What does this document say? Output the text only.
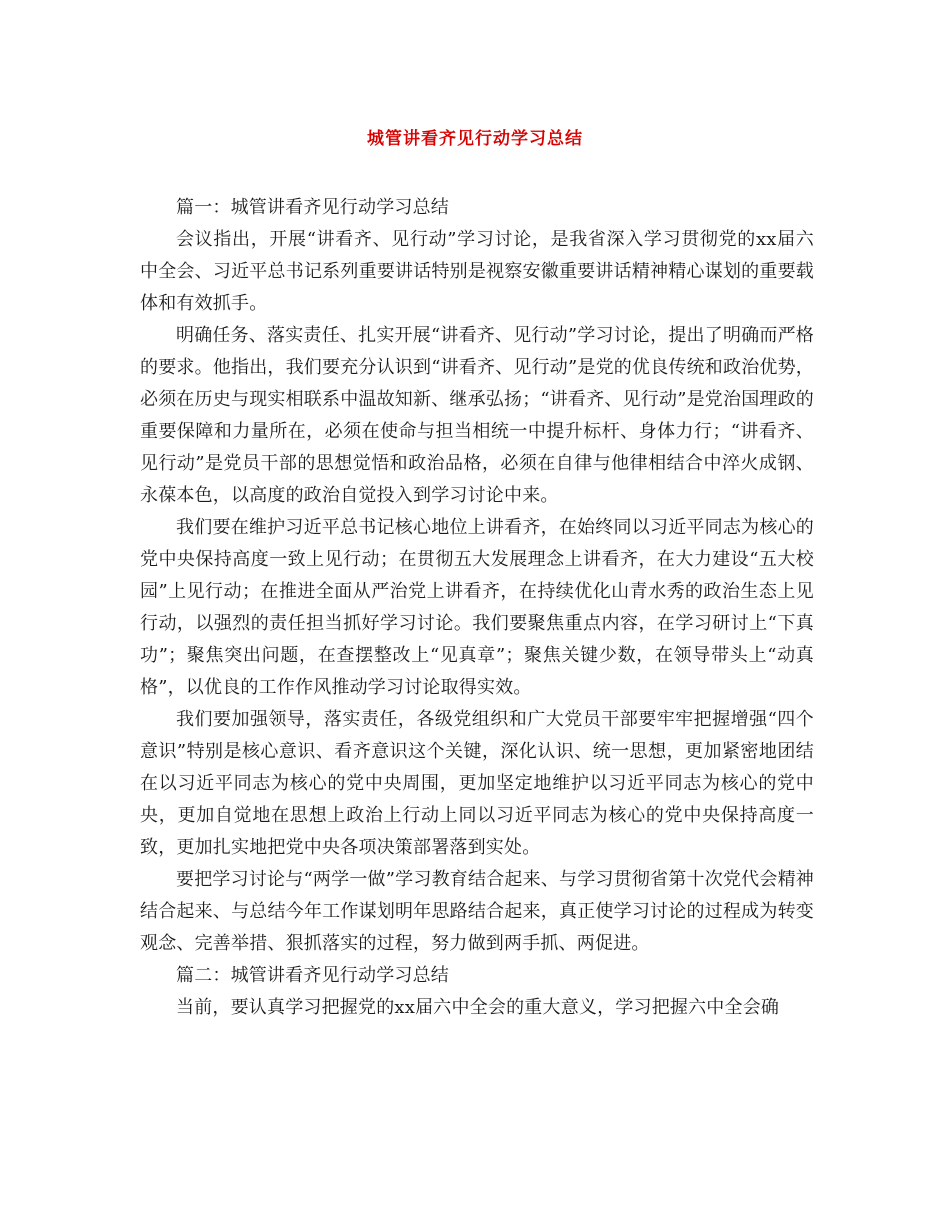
城管讲看齐见行动学习总结

篇一：城管讲看齐见行动学习总结

会议指出，开展“讲看齐、见行动”学习讨论，是我省深入学习贯彻党的xx届六中全会、习近平总书记系列重要讲话特别是视察安徽重要讲话精神精心谋划的重要载体和有效抓手。

明确任务、落实责任、扎实开展“讲看齐、见行动”学习讨论，提出了明确而严格的要求。他指出，我们要充分认识到“讲看齐、见行动”是党的优良传统和政治优势，必须在历史与现实相联系中温故知新、继承弘扬；“讲看齐、见行动”是党治国理政的重要保障和力量所在，必须在使命与担当相统一中提升标杆、身体力行；“讲看齐、见行动”是党员干部的思想觉悟和政治品格，必须在自律与他律相结合中淬火成钢、永葆本色，以高度的政治自觉投入到学习讨论中来。

我们要在维护习近平总书记核心地位上讲看齐，在始终同以习近平同志为核心的党中央保持高度一致上见行动；在贯彻五大发展理念上讲看齐，在大力建设“五大校园”上见行动；在推进全面从严治党上讲看齐，在持续优化山青水秀的政治生态上见行动，以强烈的责任担当抓好学习讨论。我们要聚焦重点内容，在学习研讨上“下真功”；聚焦突出问题，在查摆整改上“见真章”；聚焦关键少数，在领导带头上“动真格”，以优良的工作作风推动学习讨论取得实效。

我们要加强领导，落实责任，各级党组织和广大党员干部要牢牢把握增强“四个意识”特别是核心意识、看齐意识这个关键，深化认识、统一思想，更加紧密地团结在以习近平同志为核心的党中央周围，更加坚定地维护以习近平同志为核心的党中央，更加自觉地在思想上政治上行动上同以习近平同志为核心的党中央保持高度一致，更加扎实地把党中央各项决策部署落到实处。

要把学习讨论与“两学一做”学习教育结合起来、与学习贯彻省第十次党代会精神结合起来、与总结今年工作谋划明年思路结合起来，真正使学习讨论的过程成为转变观念、完善举措、狠抓落实的过程，努力做到两手抓、两促进。

篇二：城管讲看齐见行动学习总结

当前，要认真学习把握党的xx届六中全会的重大意义，学习把握六中全会确
